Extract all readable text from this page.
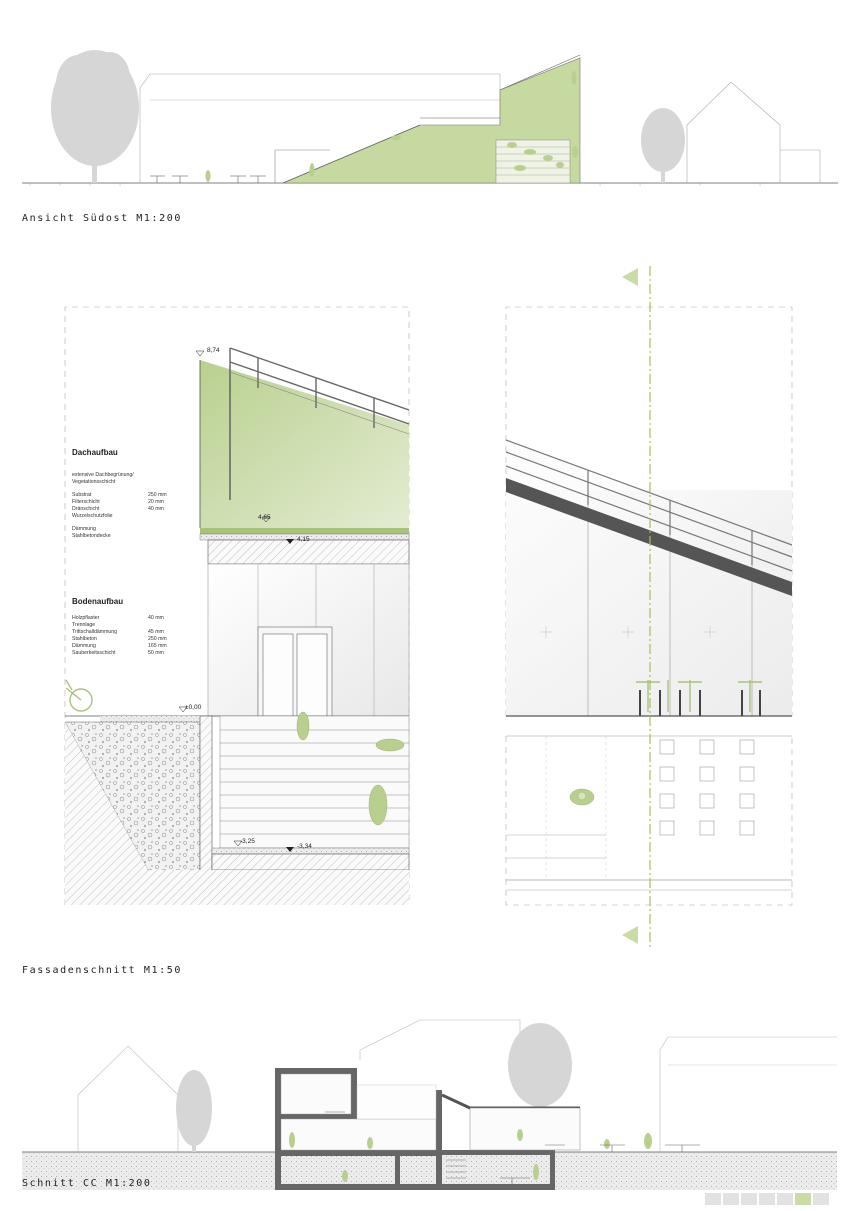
8,74
4,65
4,15
±0,00
-3,25
-3,34
Dachaufbau
extensive Dachbegrünung/
Vegetationsschicht
Substrat	250 mm
Filterschicht	20 mm
Dränschicht	40 mm
Wurzelschutzfolie
Dämmung
Stahlbetondecke
Bodenaufbau
Holzpflaster	40 mm
Trennlage
Trittschalldämmung	45 mm
Stahlbeton	250 mm
Dämmung	165 mm
Sauberkeitsschicht	50 mm
Ansicht Südost M1:200
Fassadenschnitt M1:50
Schnitt CC M1:200
